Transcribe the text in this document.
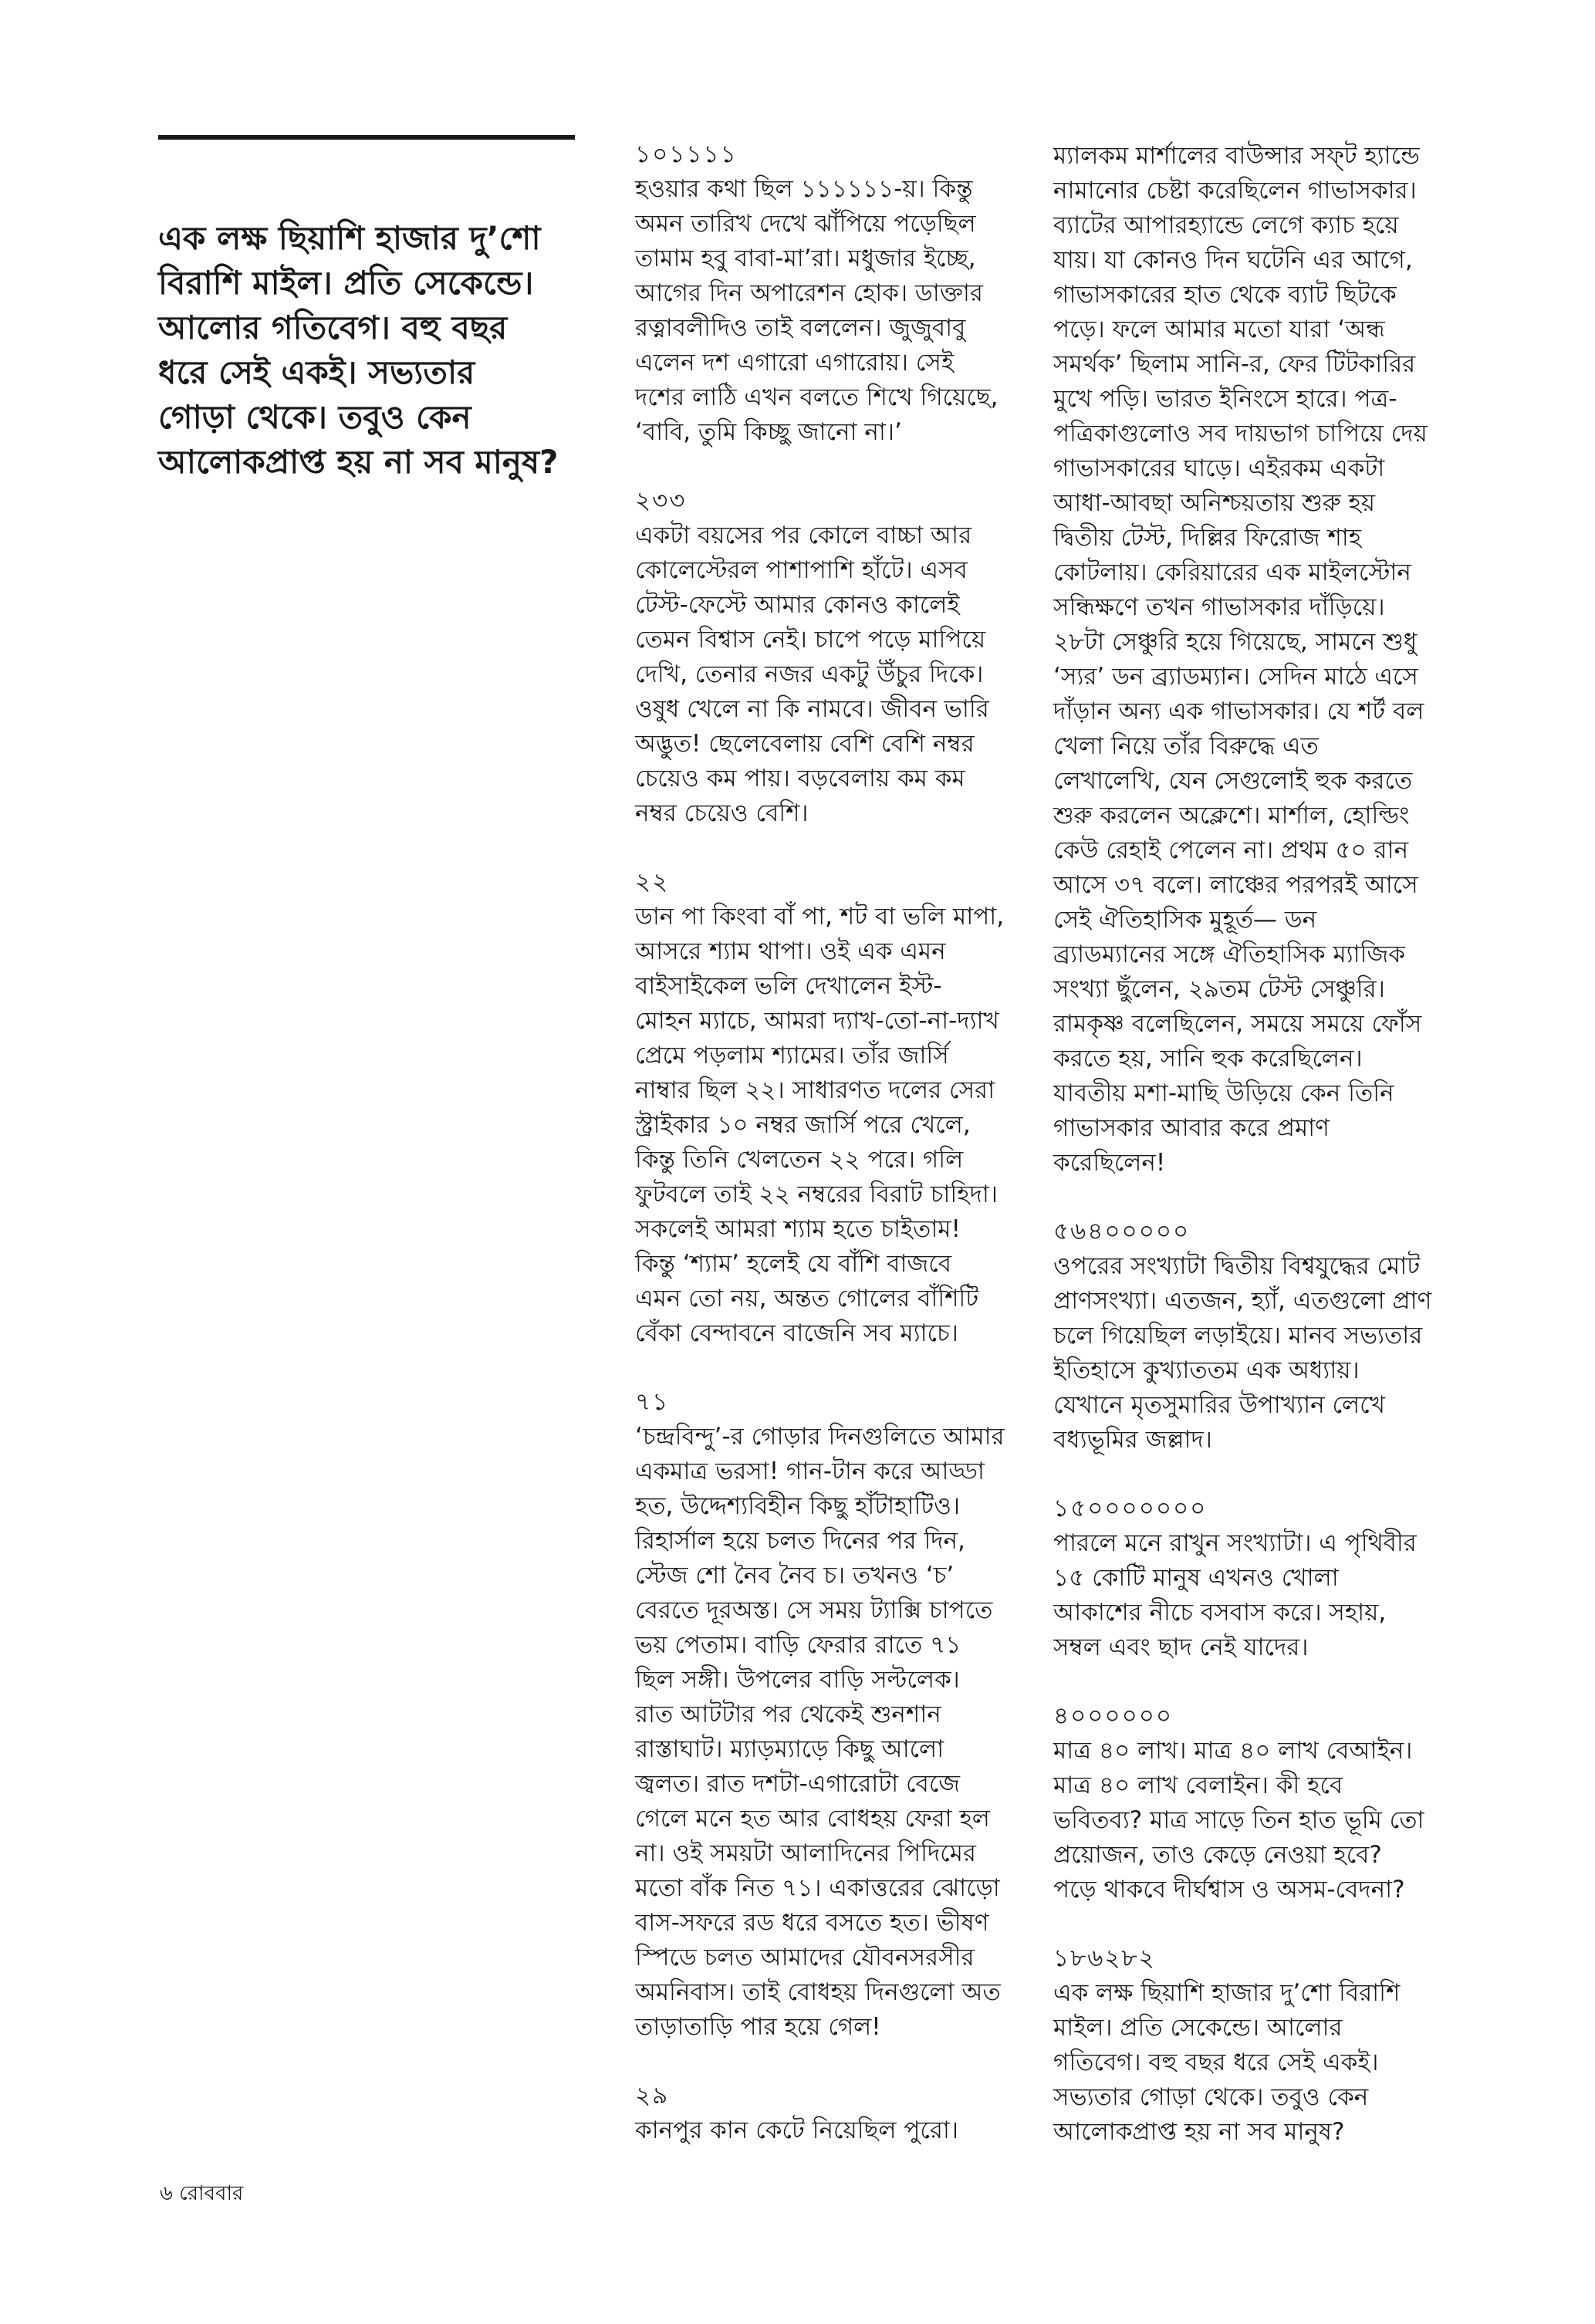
এক লক্ষ ছিয়াশি হাজার দু’শো
বিরাশি মাইল। প্রতি সেকেন্ডে।
আলোর গতিবেগ। বহু বছর
ধরে সেই একই। সভ্যতার
গোড়া থেকে। তবুও কেন
আলোকপ্রাপ্ত হয় না সব মানুষ?
১০১১১১
হওয়ার কথা ছিল ১১১১১১-য়। কিন্তু
অমন তারিখ দেখে ঝাঁপিয়ে পড়েছিল
তামাম হবু বাবা-মা’রা। মধুজার ইচ্ছে,
আগের দিন অপারেশন হোক। ডাক্তার
রত্নাবলীদিও তাই বললেন। জুজুবাবু
এলেন দশ এগারো এগারোয়। সেই
দশের লাঠি এখন বলতে শিখে গিয়েছে,
‘বাবি, তুমি কিচ্ছু জানো না।’
২৩৩
একটা বয়সের পর কোলে বাচ্চা আর
কোলেস্টেরল পাশাপাশি হাঁটে। এসব
টেস্ট-ফেস্টে আমার কোনও কালেই
তেমন বিশ্বাস নেই। চাপে পড়ে মাপিয়ে
দেখি, তেনার নজর একটু উঁচুর দিকে।
ওষুধ খেলে না কি নামবে। জীবন ভারি
অদ্ভুত! ছেলেবেলায় বেশি বেশি নম্বর
চেয়েও কম পায়। বড়বেলায় কম কম
নম্বর চেয়েও বেশি।
২২
ডান পা কিংবা বাঁ পা, শট বা ভলি মাপা,
আসরে শ্যাম থাপা। ওই এক এমন
বাইসাইকেল ভলি দেখালেন ইস্ট-
মোহন ম্যাচে, আমরা দ্যাখ-তো-না-দ্যাখ
প্রেমে পড়লাম শ্যামের। তাঁর জার্সি
নাম্বার ছিল ২২। সাধারণত দলের সেরা
স্ট্রাইকার ১০ নম্বর জার্সি পরে খেলে,
কিন্তু তিনি খেলতেন ২২ পরে। গলি
ফুটবলে তাই ২২ নম্বরের বিরাট চাহিদা।
সকলেই আমরা শ্যাম হতে চাইতাম!
কিন্তু ‘শ্যাম’ হলেই যে বাঁশি বাজবে
এমন তো নয়, অন্তত গোলের বাঁশিটি
বেঁকা বেন্দাবনে বাজেনি সব ম্যাচে।
৭১
‘চন্দ্রবিন্দু’-র গোড়ার দিনগুলিতে আমার
একমাত্র ভরসা! গান-টান করে আড্ডা
হত, উদ্দেশ্যবিহীন কিছু হাঁটাহাটিও।
রিহার্সাল হয়ে চলত দিনের পর দিন,
স্টেজ শো নৈব নৈব চ। তখনও ‘চ’
বেরতে দূরঅস্ত। সে সময় ট্যাক্সি চাপতে
ভয় পেতাম। বাড়ি ফেরার রাতে ৭১
ছিল সঙ্গী। উপলের বাড়ি সল্টলেক।
রাত আটটার পর থেকেই শুনশান
রাস্তাঘাট। ম্যাড়ম্যাড়ে কিছু আলো
জ্বলত। রাত দশটা-এগারোটা বেজে
গেলে মনে হত আর বোধহয় ফেরা হল
না। ওই সময়টা আলাদিনের পিদিমের
মতো বাঁক নিত ৭১। একাত্তরের ঝোড়ো
বাস-সফরে রড ধরে বসতে হত। ভীষণ
স্পিডে চলত আমাদের যৌবনসরসীর
অমনিবাস। তাই বোধহয় দিনগুলো অত
তাড়াতাড়ি পার হয়ে গেল!
২৯
কানপুর কান কেটে নিয়েছিল পুরো।
ম্যালকম মার্শালের বাউন্সার সফ্‌ট হ্যান্ডে
নামানোর চেষ্টা করেছিলেন গাভাসকার।
ব্যাটের আপারহ্যান্ডে লেগে ক্যাচ হয়ে
যায়। যা কোনও দিন ঘটেনি এর আগে,
গাভাসকারের হাত থেকে ব্যাট ছিটকে
পড়ে। ফলে আমার মতো যারা ‘অন্ধ
সমর্থক’ ছিলাম সানি-র, ফের টিটকারির
মুখে পড়ি। ভারত ইনিংসে হারে। পত্র-
পত্রিকাগুলোও সব দায়ভাগ চাপিয়ে দেয়
গাভাসকারের ঘাড়ে। এইরকম একটা
আধা-আবছা অনিশ্চয়তায় শুরু হয়
দ্বিতীয় টেস্ট, দিল্লির ফিরোজ শাহ
কোটলায়। কেরিয়ারের এক মাইলস্টোন
সন্ধিক্ষণে তখন গাভাসকার দাঁড়িয়ে।
২৮টা সেঞ্চুরি হয়ে গিয়েছে, সামনে শুধু
‘স্যর’ ডন ব্র্যাডম্যান। সেদিন মাঠে এসে
দাঁড়ান অন্য এক গাভাসকার। যে শর্ট বল
খেলা নিয়ে তাঁর বিরুদ্ধে এত
লেখালেখি, যেন সেগুলোই হুক করতে
শুরু করলেন অক্লেশে। মার্শাল, হোল্ডিং
কেউ রেহাই পেলেন না। প্রথম ৫০ রান
আসে ৩৭ বলে। লাঞ্চের পরপরই আসে
সেই ঐতিহাসিক মুহূর্ত— ডন
ব্র্যাডম্যানের সঙ্গে ঐতিহাসিক ম্যাজিক
সংখ্যা ছুঁলেন, ২৯তম টেস্ট সেঞ্চুরি।
রামকৃষ্ণ বলেছিলেন, সময়ে সময়ে ফোঁস
করতে হয়, সানি হুক করেছিলেন।
যাবতীয় মশা-মাছি উড়িয়ে কেন তিনি
গাভাসকার আবার করে প্রমাণ
করেছিলেন!
৫৬৪০০০০০
ওপরের সংখ্যাটা দ্বিতীয় বিশ্বযুদ্ধের মোট
প্রাণসংখ্যা। এতজন, হ্যাঁ, এতগুলো প্রাণ
চলে গিয়েছিল লড়াইয়ে। মানব সভ্যতার
ইতিহাসে কুখ্যাততম এক অধ্যায়।
যেখানে মৃতসুমারির উপাখ্যান লেখে
বধ্যভূমির জল্লাদ।
১৫০০০০০০০
পারলে মনে রাখুন সংখ্যাটা। এ পৃথিবীর
১৫ কোটি মানুষ এখনও খোলা
আকাশের নীচে বসবাস করে। সহায়,
সম্বল এবং ছাদ নেই যাদের।
৪০০০০০০
মাত্র ৪০ লাখ। মাত্র ৪০ লাখ বেআইন।
মাত্র ৪০ লাখ বেলাইন। কী হবে
ভবিতব্য? মাত্র সাড়ে তিন হাত ভূমি তো
প্রয়োজন, তাও কেড়ে নেওয়া হবে?
পড়ে থাকবে দীর্ঘশ্বাস ও অসম-বেদনা?
১৮৬২৮২
এক লক্ষ ছিয়াশি হাজার দু’শো বিরাশি
মাইল। প্রতি সেকেন্ডে। আলোর
গতিবেগ। বহু বছর ধরে সেই একই।
সভ্যতার গোড়া থেকে। তবুও কেন
আলোকপ্রাপ্ত হয় না সব মানুষ?
৬ রোববার
